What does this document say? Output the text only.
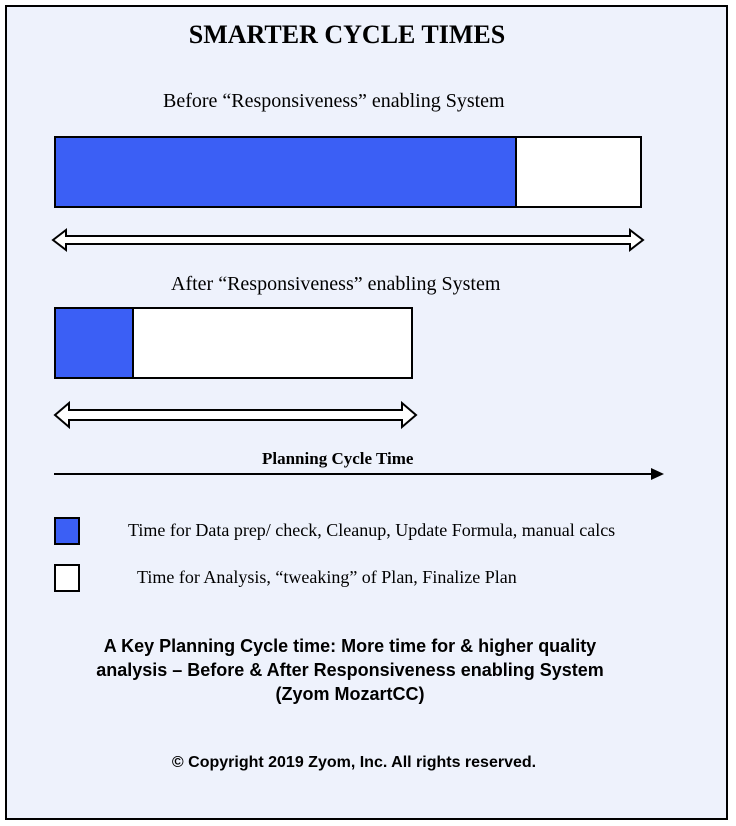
SMARTER CYCLE TIMES
Before “Responsiveness” enabling System
After “Responsiveness” enabling System
Planning Cycle Time
Time for Data prep/ check, Cleanup, Update Formula, manual calcs
Time for Analysis, “tweaking” of Plan, Finalize Plan
A Key Planning Cycle time: More time for & higher quality
analysis – Before & After Responsiveness enabling System
(Zyom MozartCC)
© Copyright 2019 Zyom, Inc. All rights reserved.
